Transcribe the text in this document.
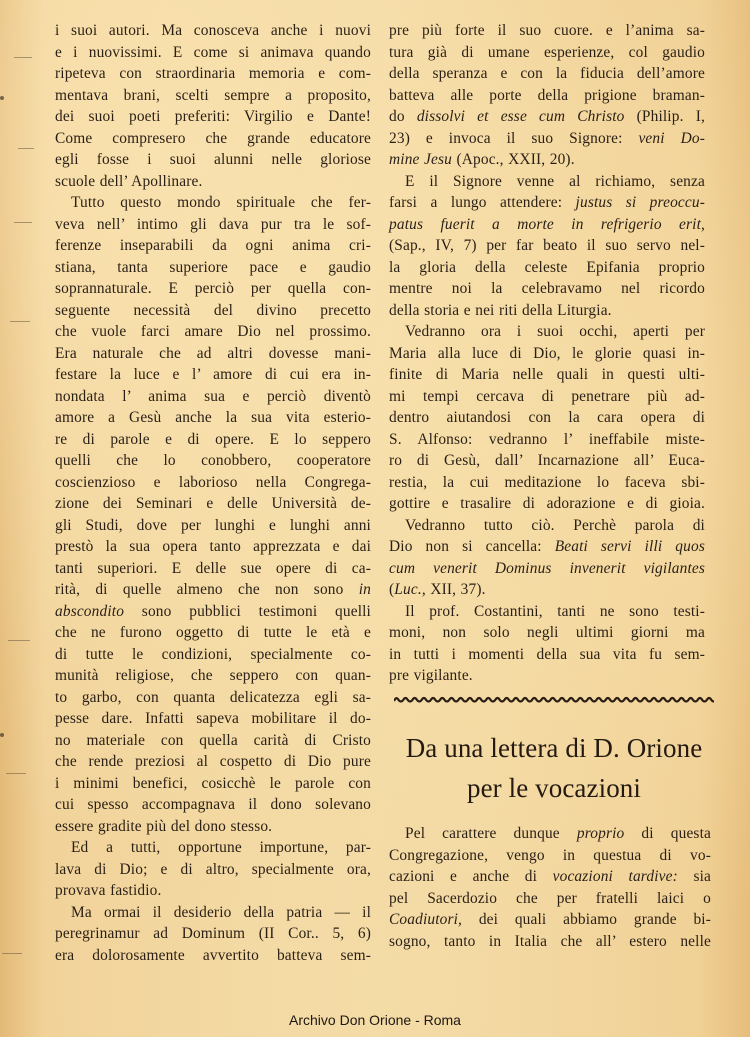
i suoi autori. Ma conosceva anche i nuovi
e i nuovissimi. E come si animava quando
ripeteva con straordinaria memoria e com-
mentava brani, scelti sempre a proposito,
dei suoi poeti preferiti: Virgilio e Dante!
Come compresero che grande educatore
egli fosse i suoi alunni nelle gloriose
scuole dell’ Apollinare.
Tutto questo mondo spirituale che fer-
veva nell’ intimo gli dava pur tra le sof-
ferenze inseparabili da ogni anima cri-
stiana, tanta superiore pace e gaudio
soprannaturale. E perciò per quella con-
seguente necessità del divino precetto
che vuole farci amare Dio nel prossimo.
Era naturale che ad altri dovesse mani-
festare la luce e l’ amore di cui era in-
nondata l’ anima sua e perciò diventò
amore a Gesù anche la sua vita esterio-
re di parole e di opere. E lo seppero
quelli che lo conobbero, cooperatore
coscienzioso e laborioso nella Congrega-
zione dei Seminari e delle Università de-
gli Studi, dove per lunghi e lunghi anni
prestò la sua opera tanto apprezzata e dai
tanti superiori. E delle sue opere di ca-
rità, di quelle almeno che non sono in
abscondito sono pubblici testimoni quelli
che ne furono oggetto di tutte le età e
di tutte le condizioni, specialmente co-
munità religiose, che seppero con quan-
to garbo, con quanta delicatezza egli sa-
pesse dare. Infatti sapeva mobilitare il do-
no materiale con quella carità di Cristo
che rende preziosi al cospetto di Dio pure
i minimi benefici, cosicchè le parole con
cui spesso accompagnava il dono solevano
essere gradite più del dono stesso.
Ed a tutti, opportune importune, par-
lava di Dio; e di altro, specialmente ora,
provava fastidio.
Ma ormai il desiderio della patria — il
peregrinamur ad Dominum (II Cor.. 5, 6)
era dolorosamente avvertito batteva sem-
pre più forte il suo cuore. e l’anima sa-
tura già di umane esperienze, col gaudio
della speranza e con la fiducia dell’amore
batteva alle porte della prigione braman-
do dissolvi et esse cum Christo (Philip. I,
23) e invoca il suo Signore: veni Do-
mine Jesu (Apoc., XXII, 20).
E il Signore venne al richiamo, senza
farsi a lungo attendere: justus si preoccu-
patus fuerit a morte in refrigerio erit,
(Sap., IV, 7) per far beato il suo servo nel-
la gloria della celeste Epifania proprio
mentre noi la celebravamo nel ricordo
della storia e nei riti della Liturgia.
Vedranno ora i suoi occhi, aperti per
Maria alla luce di Dio, le glorie quasi in-
finite di Maria nelle quali in questi ulti-
mi tempi cercava di penetrare più ad-
dentro aiutandosi con la cara opera di
S. Alfonso: vedranno l’ ineffabile miste-
ro di Gesù, dall’ Incarnazione all’ Euca-
restia, la cui meditazione lo faceva sbi-
gottire e trasalire di adorazione e di gioia.
Vedranno tutto ciò. Perchè parola di
Dio non si cancella: Beati servi illi quos
cum venerit Dominus invenerit vigilantes
(Luc., XII, 37).
Il prof. Costantini, tanti ne sono testi-
moni, non solo negli ultimi giorni ma
in tutti i momenti della sua vita fu sem-
pre vigilante.
Da una lettera di D. Orione
per le vocazioni
Pel carattere dunque proprio di questa
Congregazione, vengo in questua di vo-
cazioni e anche di vocazioni tardive: sia
pel Sacerdozio che per fratelli laici o
Coadiutori, dei quali abbiamo grande bi-
sogno, tanto in Italia che all’ estero nelle
Archivo Don Orione - Roma
